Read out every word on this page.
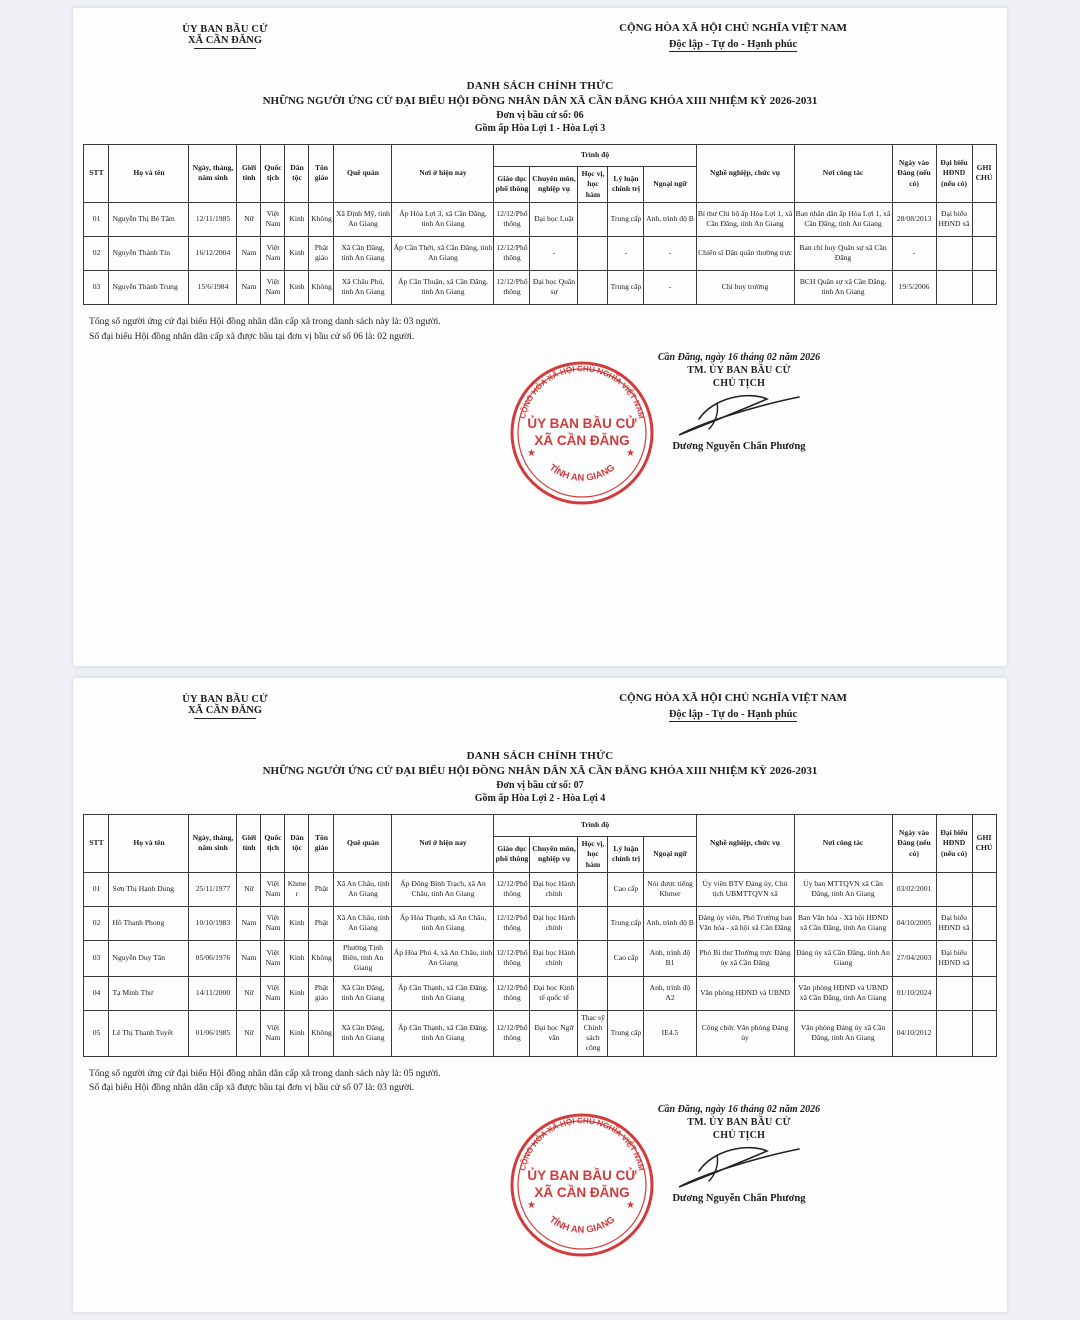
ỦY BAN BẦU CỬ
XÃ CẦN ĐĂNG
CỘNG HÒA XÃ HỘI CHỦ NGHĨA VIỆT NAM
Độc lập - Tự do - Hạnh phúc
DANH SÁCH CHÍNH THỨC
NHỮNG NGƯỜI ỨNG CỬ ĐẠI BIỂU HỘI ĐỒNG NHÂN DÂN XÃ CẦN ĐĂNG KHÓA XIII NHIỆM KỲ 2026-2031
Đơn vị bầu cử số: 06
Gồm ấp Hòa Lợi 1 - Hòa Lợi 3
STT	Họ và tên	Ngày, tháng, năm sinh	Giới tính	Quốc tịch	Dân tộc	Tôn giáo	Quê quán	Nơi ở hiện nay	Trình độ					Nghề nghiệp, chức vụ	Nơi công tác	Ngày vào Đảng (nếu có)	Đại biểu HĐND (nếu có)	GHI CHÚ
									Giáo dục phổ thông	Chuyên môn, nghiệp vụ	Học vị, học hàm	Lý luận chính trị	Ngoại ngữ					
01	Nguyễn Thị Bé Tâm	12/11/1985	Nữ	Việt Nam	Kinh	Không	Xã Định Mỹ, tỉnh An Giang	Ấp Hòa Lợi 3, xã Cần Đăng, tỉnh An Giang	12/12/Phổ thông	Đại học Luật		Trung cấp	Anh, trình độ B	Bí thư Chi bộ ấp Hòa Lợi 1, xã Cần Đăng, tỉnh An Giang	Ban nhân dân ấp Hòa Lợi 1, xã Cần Đăng, tỉnh An Giang	28/08/2013	Đại biểu HĐND xã	
02	Nguyễn Thành Tín	16/12/2004	Nam	Việt Nam	Kinh	Phật giáo	Xã Cần Đăng, tỉnh An Giang	Ấp Cần Thới, xã Cần Đăng, tỉnh An Giang	12/12/Phổ thông	-		-	-	Chiến sĩ Dân quân thường trực	Ban chỉ huy Quân sự xã Cần Đăng	-		
03	Nguyễn Thành Trung	15/6/1984	Nam	Việt Nam	Kinh	Không	Xã Châu Phú, tỉnh An Giang	Ấp Cần Thuận, xã Cần Đăng, tỉnh An Giang	12/12/Phổ thông	Đại học Quân sự		Trung cấp	-	Chỉ huy trưởng	BCH Quân sự xã Cần Đăng, tỉnh An Giang	19/5/2006		
Tổng số người ứng cử đại biểu Hội đồng nhân dân cấp xã trong danh sách này là: 03 người.
Số đại biểu Hội đồng nhân dân cấp xã được bầu tại đơn vị bầu cử số 06 là: 02 người.
CỘNG HÒA XÃ HỘI CHỦ NGHĨA VIỆT NAM
TỈNH AN GIANG
★	★
ỦY BAN BẦU CỬ
XÃ CẦN ĐĂNG
Cần Đăng, ngày 16 tháng 02 năm 2026
TM. ỦY BAN BẦU CỬ
CHỦ TỊCH
Dương Nguyễn Chấn Phương
ỦY BAN BẦU CỬ
XÃ CẦN ĐĂNG
CỘNG HÒA XÃ HỘI CHỦ NGHĨA VIỆT NAM
Độc lập - Tự do - Hạnh phúc
DANH SÁCH CHÍNH THỨC
NHỮNG NGƯỜI ỨNG CỬ ĐẠI BIỂU HỘI ĐỒNG NHÂN DÂN XÃ CẦN ĐĂNG KHÓA XIII NHIỆM KỲ 2026-2031
Đơn vị bầu cử số: 07
Gồm ấp Hòa Lợi 2 - Hòa Lợi 4
STT	Họ và tên	Ngày, tháng, năm sinh	Giới tính	Quốc tịch	Dân tộc	Tôn giáo	Quê quán	Nơi ở hiện nay	Trình độ					Nghề nghiệp, chức vụ	Nơi công tác	Ngày vào Đảng (nếu có)	Đại biểu HĐND (nếu có)	GHI CHÚ
									Giáo dục phổ thông	Chuyên môn, nghiệp vụ	Học vị, học hàm	Lý luận chính trị	Ngoại ngữ					
01	Sơn Thị Hạnh Dung	25/11/1977	Nữ	Việt Nam	Khmer	Phật	Xã An Châu, tỉnh An Giang	Ấp Đông Bình Trạch, xã An Châu, tỉnh An Giang	12/12/Phổ thông	Đại học Hành chính		Cao cấp	Nói được tiếng Khmer	Ủy viên BTV Đảng ủy, Chủ tịch UBMTTQVN xã	Ủy ban MTTQVN xã Cần Đăng, tỉnh An Giang	03/02/2001		
02	Hồ Thanh Phong	10/10/1983	Nam	Việt Nam	Kinh	Phật	Xã An Châu, tỉnh An Giang	Ấp Hòa Thạnh, xã An Châu, tỉnh An Giang	12/12/Phổ thông	Đại học Hành chính		Trung cấp	Anh, trình độ B	Đảng ủy viên, Phó Trưởng ban Văn hóa - xã hội xã Cần Đăng	Ban Văn hóa - Xã hội HĐND xã Cần Đăng, tỉnh An Giang	04/10/2005	Đại biểu HĐND xã	
03	Nguyễn Duy Tân	05/06/1976	Nam	Việt Nam	Kinh	Không	Phường Tịnh Biên, tỉnh An Giang	Ấp Hòa Phú 4, xã An Châu, tỉnh An Giang	12/12/Phổ thông	Đại học Hành chính		Cao cấp	Anh, trình độ B1	Phó Bí thư Thường trực Đảng ủy xã Cần Đăng	Đảng ủy xã Cần Đăng, tỉnh An Giang	27/04/2003	Đại biểu HĐND xã	
04	Tạ Minh Thư	14/11/2000	Nữ	Việt Nam	Kinh	Phật giáo	Xã Cần Đăng, tỉnh An Giang	Ấp Cần Thạnh, xã Cần Đăng, tỉnh An Giang	12/12/Phổ thông	Đại học Kinh tế quốc tế			Anh, trình độ A2	Văn phòng HĐND và UBND	Văn phòng HĐND và UBND xã Cần Đăng, tỉnh An Giang	01/10/2024		
05	Lê Thị Thanh Tuyết	01/06/1985	Nữ	Việt Nam	Kinh	Không	Xã Cần Đăng, tỉnh An Giang	Ấp Cần Thạnh, xã Cần Đăng, tỉnh An Giang	12/12/Phổ thông	Đại học Ngữ văn	Thạc sỹ Chính sách công	Trung cấp	IE4.5	Công chức Văn phòng Đảng ủy	Văn phòng Đảng ủy xã Cần Đăng, tỉnh An Giang	04/10/2012		
Tổng số người ứng cử đại biểu Hội đồng nhân dân cấp xã trong danh sách này là: 05 người.
Số đại biểu Hội đồng nhân dân cấp xã được bầu tại đơn vị bầu cử số 07 là: 03 người.
CỘNG HÒA XÃ HỘI CHỦ NGHĨA VIỆT NAM
TỈNH AN GIANG
★	★
ỦY BAN BẦU CỬ
XÃ CẦN ĐĂNG
Cần Đăng, ngày 16 tháng 02 năm 2026
TM. ỦY BAN BẦU CỬ
CHỦ TỊCH
Dương Nguyễn Chấn Phương
